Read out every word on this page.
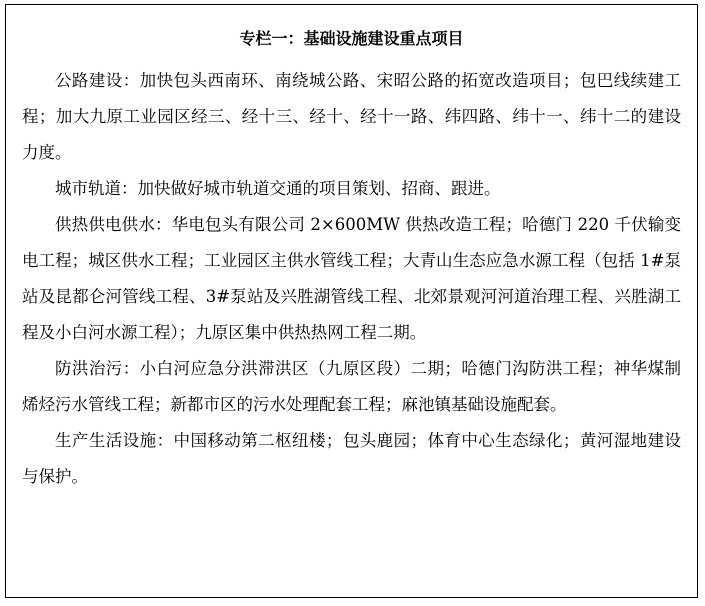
专栏一：基础设施建设重点项目

公路建设：加快包头西南环、南绕城公路、宋昭公路的拓宽改造项目；包巴线续建工程；加大九原工业园区经三、经十三、经十、经十一路、纬四路、纬十一、纬十二的建设力度。

城市轨道：加快做好城市轨道交通的项目策划、招商、跟进。

供热供电供水：华电包头有限公司 2×600MW 供热改造工程；哈德门 220 千伏输变电工程；城区供水工程；工业园区主供水管线工程；大青山生态应急水源工程（包括 1#泵站及昆都仑河管线工程、3#泵站及兴胜湖管线工程、北郊景观河河道治理工程、兴胜湖工程及小白河水源工程）；九原区集中供热热网工程二期。

防洪治污：小白河应急分洪滞洪区（九原区段）二期；哈德门沟防洪工程；神华煤制烯烃污水管线工程；新都市区的污水处理配套工程；麻池镇基础设施配套。

生产生活设施：中国移动第二枢纽楼；包头鹿园；体育中心生态绿化；黄河湿地建设与保护。
